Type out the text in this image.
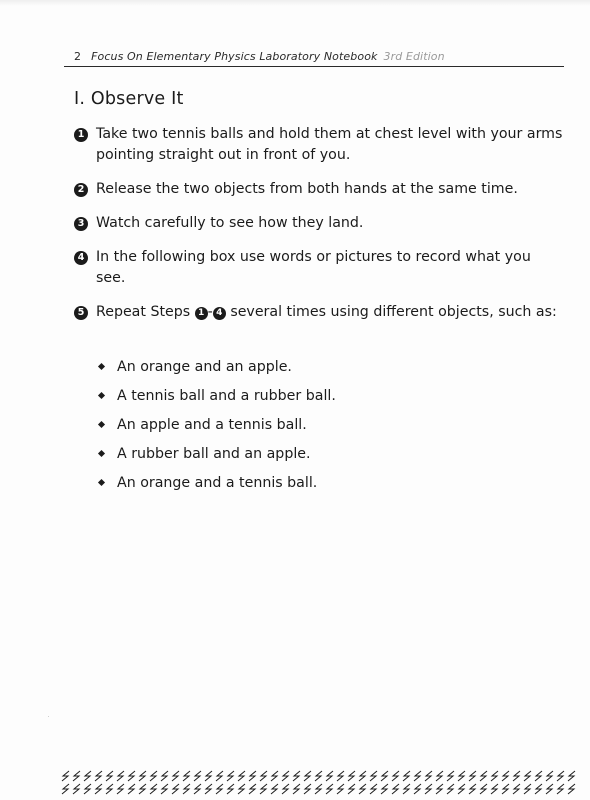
2 Focus On Elementary Physics Laboratory Notebook 3rd Edition
I. Observe It
1 Take two tennis balls and hold them at chest level with your arms pointing straight out in front of you.
2 Release the two objects from both hands at the same time.
3 Watch carefully to see how they land.
4 In the following box use words or pictures to record what you see.
5 Repeat Steps 1 - 4 several times using different objects, such as:
An orange and an apple.
A tennis ball and a rubber ball.
An apple and a tennis ball.
A rubber ball and an apple.
An orange and a tennis ball.
